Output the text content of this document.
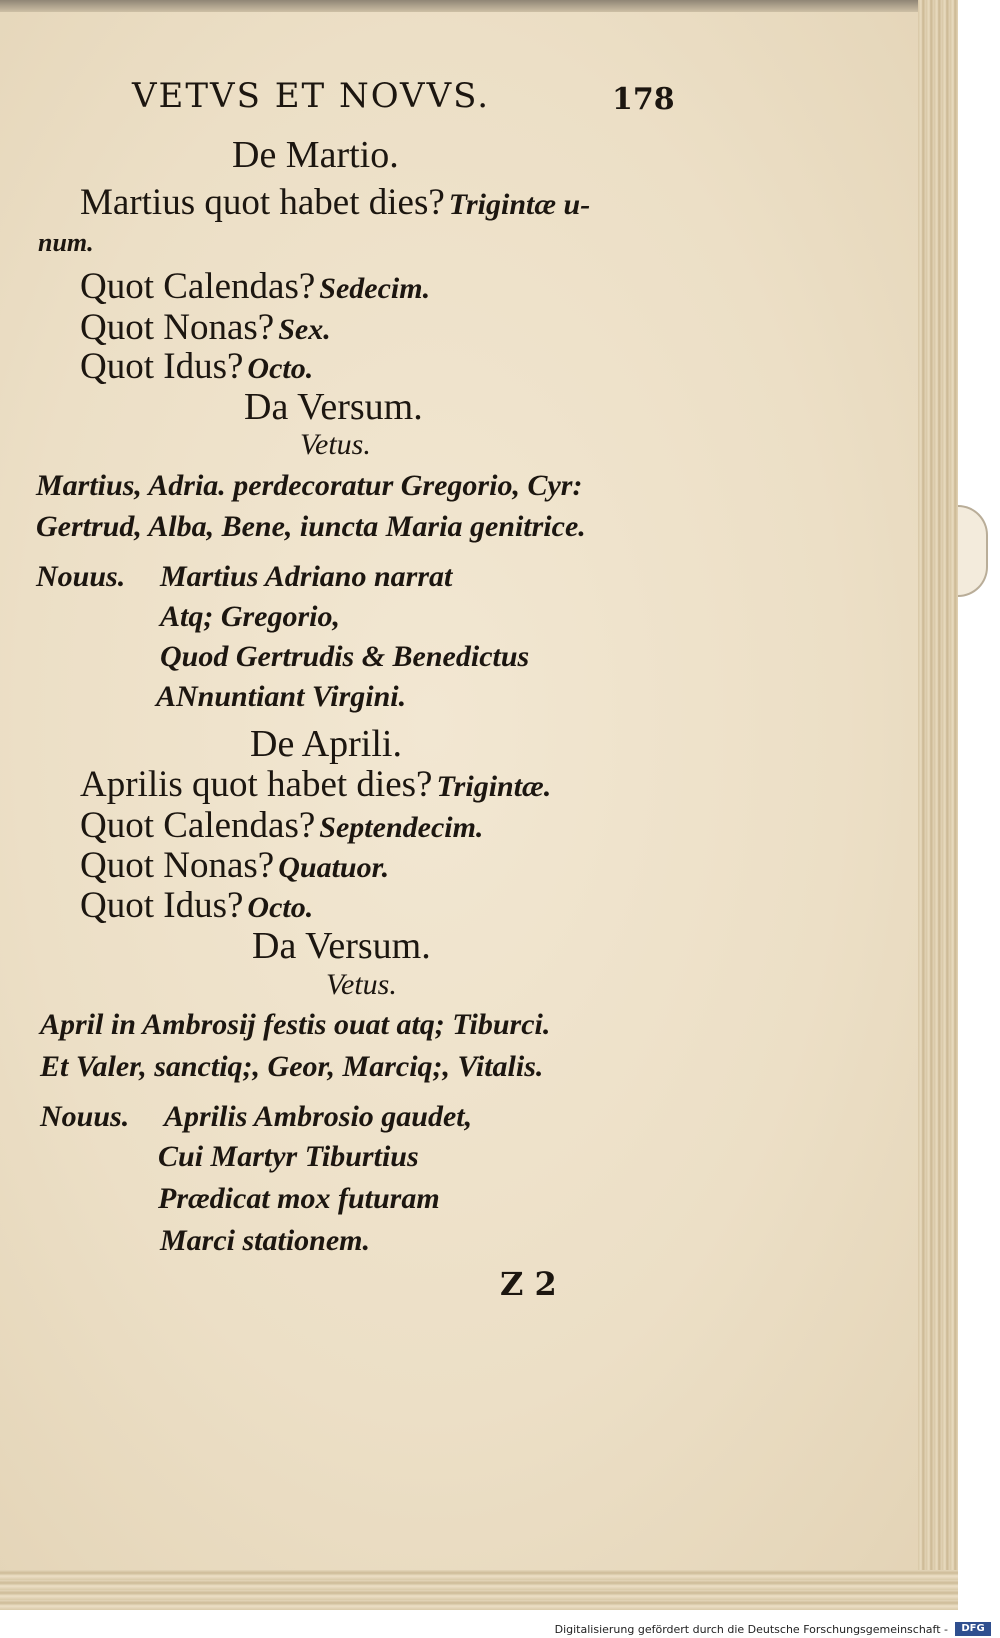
VETVS ET NOVVS.	178
De Martio.
Martius quot habet dies? Trigintæ u-
num.
Quot Calendas? Sedecim.
Quot Nonas? Sex.
Quot Idus? Octo.
Da Versum.
Vetus.
Martius, Adria. perdecoratur Gregorio, Cyr:
Gertrud, Alba, Bene, iuncta Maria genitrice.
Nouus. Martius Adriano narrat
Atq; Gregorio,
Quod Gertrudis & Benedictus
ANnuntiant Virgini.
De Aprili.
Aprilis quot habet dies? Trigintæ.
Quot Calendas? Septendecim.
Quot Nonas? Quatuor.
Quot Idus? Octo.
Da Versum.
Vetus.
April in Ambrosij festis ouat atq; Tiburci.
Et Valer, sanctiq;, Geor, Marciq;, Vitalis.
Nouus. Aprilis Ambrosio gaudet,
Cui Martyr Tiburtius
Prædicat mox futuram
Marci stationem.
Z 2
Digitalisierung gefördert durch die Deutsche Forschungsgemeinschaft -	DFG
